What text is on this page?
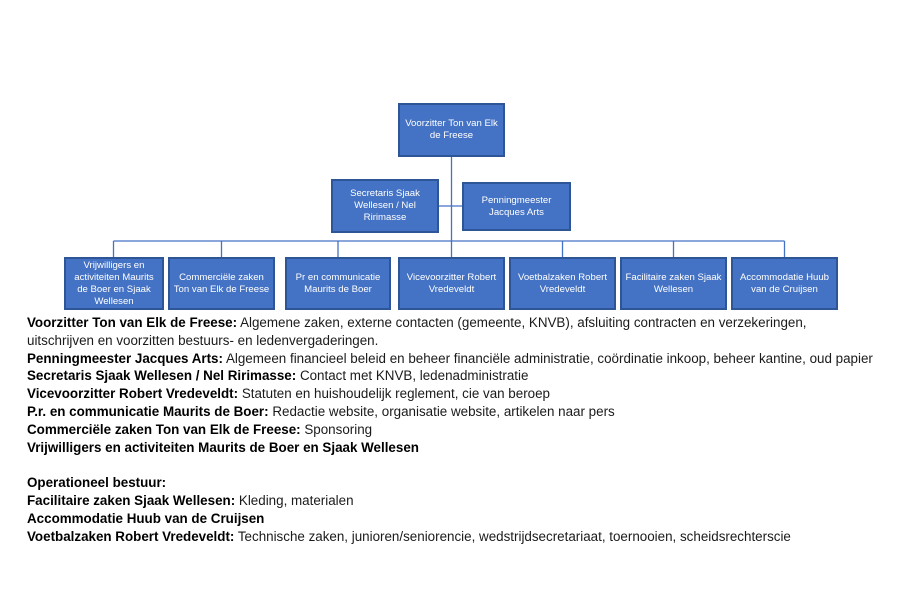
Voorzitter Ton van Elk de Freese
Secretaris Sjaak Wellesen / Nel Ririmasse
Penningmeester Jacques Arts
Vrijwilligers en activiteiten Maurits de Boer en Sjaak Wellesen
Commerciële zaken Ton van Elk de Freese
Pr en communicatie Maurits de Boer
Vicevoorzitter Robert Vredeveldt
Voetbalzaken Robert Vredeveldt
Facilitaire zaken Sjaak Wellesen
Accommodatie Huub van de Cruijsen

Voorzitter Ton van Elk de Freese: Algemene zaken, externe contacten (gemeente, KNVB), afsluiting contracten en verzekeringen, uitschrijven en voorzitten bestuurs- en ledenvergaderingen.

Penningmeester Jacques Arts: Algemeen financieel beleid en beheer financiële administratie, coördinatie inkoop, beheer kantine, oud papier

Secretaris Sjaak Wellesen / Nel Ririmasse: Contact met KNVB, ledenadministratie

Vicevoorzitter Robert Vredeveldt: Statuten en huishoudelijk reglement, cie van beroep

P.r. en communicatie Maurits de Boer: Redactie website, organisatie website, artikelen naar pers

Commerciële zaken Ton van Elk de Freese: Sponsoring

Vrijwilligers en activiteiten Maurits de Boer en Sjaak Wellesen

Operationeel bestuur:

Facilitaire zaken Sjaak Wellesen: Kleding, materialen

Accommodatie Huub van de Cruijsen

Voetbalzaken Robert Vredeveldt: Technische zaken, junioren/seniorencie, wedstrijdsecretariaat, toernooien, scheidsrechterscie
